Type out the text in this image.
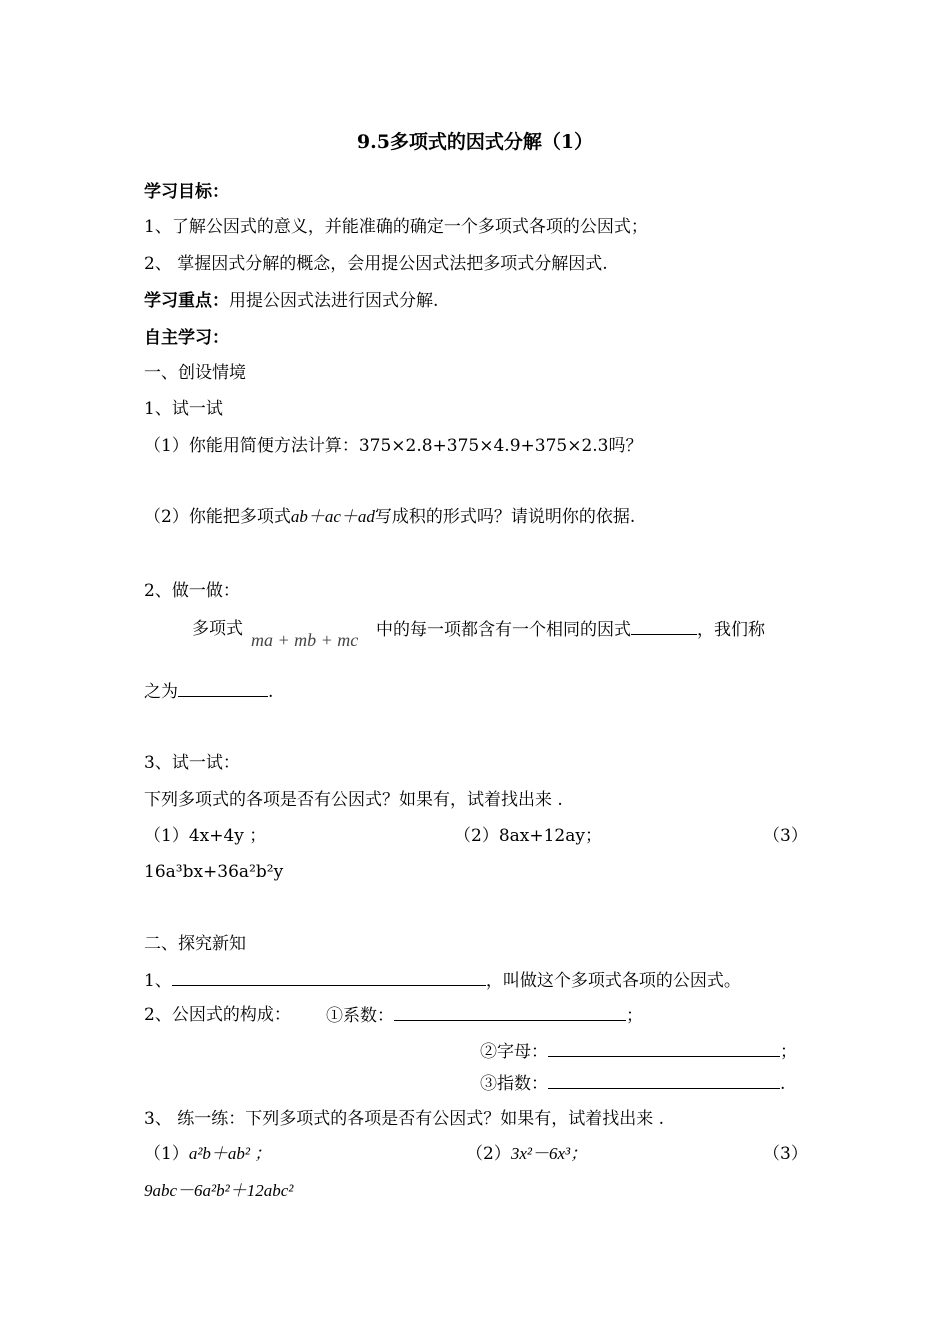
9.5多项式的因式分解（1）
学习目标：
1、了解公因式的意义，并能准确的确定一个多项式各项的公因式；
2、 掌握因式分解的概念，会用提公因式法把多项式分解因式.
学习重点：用提公因式法进行因式分解.
自主学习：
一、创设情境
1、试一试
（1）你能用简便方法计算：375×2.8+375×4.9+375×2.3吗？
（2）你能把多项式ab＋ac＋ad写成积的形式吗？请说明你的依据.
2、做一做：
多项式
ma + mb + mc 中的每一项都含有一个相同的因式	，我们称
之为	.
3、试一试：
下列多项式的各项是否有公因式？如果有，试着找出来 .
（1）4x+4y ；	（2）8ax+12ay；	（3）
16a³bx+36a²b²y
二、探究新知
1、	，叫做这个多项式各项的公因式。
2、公因式的构成： ①系数：	；
②字母：	；
③指数：	.
3、 练一练：下列多项式的各项是否有公因式？如果有，试着找出来 .
（1）a²b＋ab² ；	（2）3x²－6x³；	（3）
9abc－6a²b²＋12abc²
